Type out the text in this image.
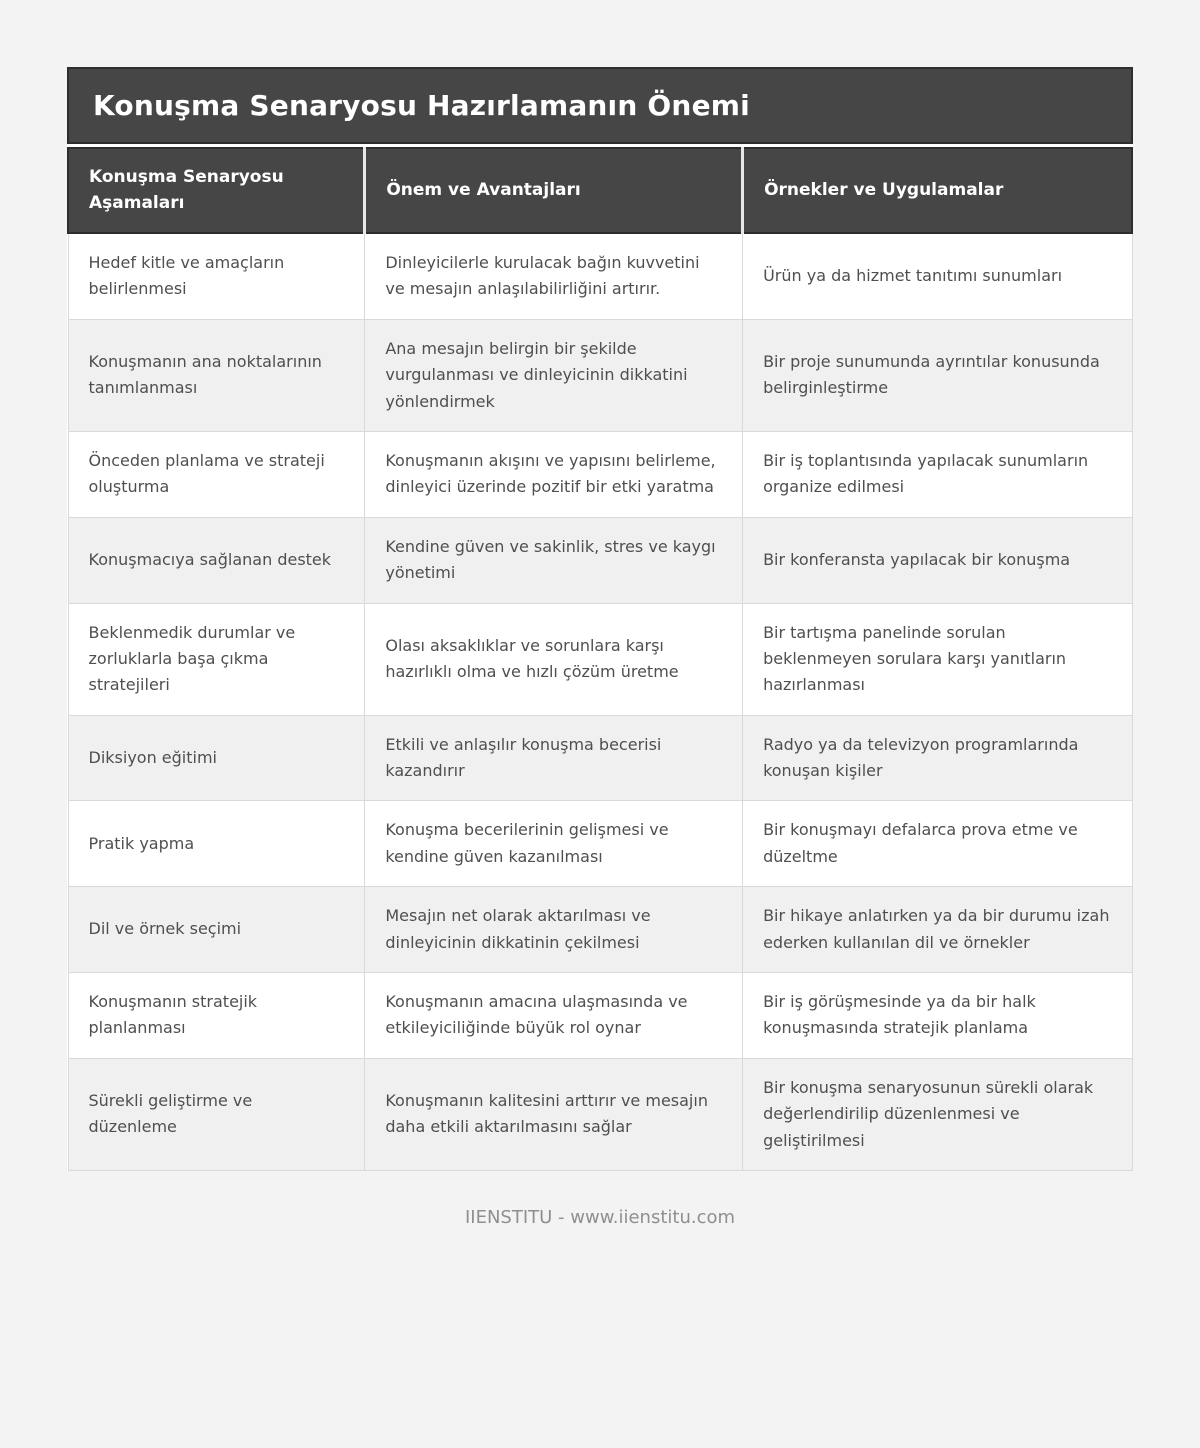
Konuşma Senaryosu Hazırlamanın Önemi
Konuşma Senaryosu Aşamaları	Önem ve Avantajları	Örnekler ve Uygulamalar
Hedef kitle ve amaçların belirlenmesi	Dinleyicilerle kurulacak bağın kuvvetini ve mesajın anlaşılabilirliğini artırır.	Ürün ya da hizmet tanıtımı sunumları
Konuşmanın ana noktalarının tanımlanması	Ana mesajın belirgin bir şekilde vurgulanması ve dinleyicinin dikkatini yönlendirmek	Bir proje sunumunda ayrıntılar konusunda belirginleştirme
Önceden planlama ve strateji oluşturma	Konuşmanın akışını ve yapısını belirleme, dinleyici üzerinde pozitif bir etki yaratma	Bir iş toplantısında yapılacak sunumların organize edilmesi
Konuşmacıya sağlanan destek	Kendine güven ve sakinlik, stres ve kaygı yönetimi	Bir konferansta yapılacak bir konuşma
Beklenmedik durumlar ve zorluklarla başa çıkma stratejileri	Olası aksaklıklar ve sorunlara karşı hazırlıklı olma ve hızlı çözüm üretme	Bir tartışma panelinde sorulan beklenmeyen sorulara karşı yanıtların hazırlanması
Diksiyon eğitimi	Etkili ve anlaşılır konuşma becerisi kazandırır	Radyo ya da televizyon programlarında konuşan kişiler
Pratik yapma	Konuşma becerilerinin gelişmesi ve kendine güven kazanılması	Bir konuşmayı defalarca prova etme ve düzeltme
Dil ve örnek seçimi	Mesajın net olarak aktarılması ve dinleyicinin dikkatinin çekilmesi	Bir hikaye anlatırken ya da bir durumu izah ederken kullanılan dil ve örnekler
Konuşmanın stratejik planlanması	Konuşmanın amacına ulaşmasında ve etkileyiciliğinde büyük rol oynar	Bir iş görüşmesinde ya da bir halk konuşmasında stratejik planlama
Sürekli geliştirme ve düzenleme	Konuşmanın kalitesini arttırır ve mesajın daha etkili aktarılmasını sağlar	Bir konuşma senaryosunun sürekli olarak değerlendirilip düzenlenmesi ve geliştirilmesi
IIENSTITU - www.iienstitu.com
